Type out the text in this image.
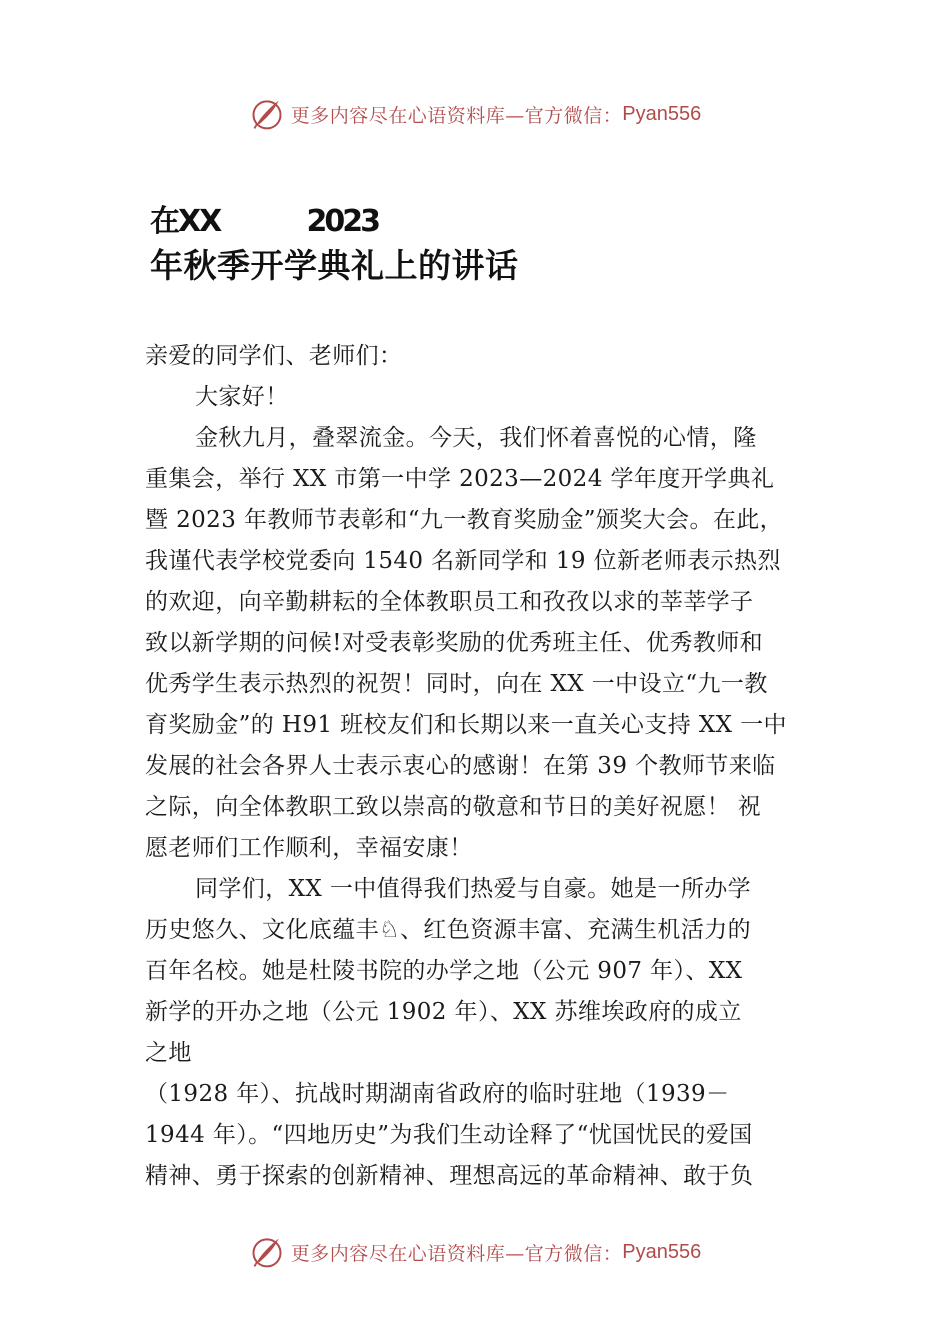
更多内容尽在心语资料库—官方微信： Pyan556
在XX	2023
年秋季开学典礼上的讲话
亲爱的同学们、老师们：
大家好！
金秋九月，叠翠流金。今天，我们怀着喜悦的心情，隆
重集会，举行 XX 市第一中学 2023—2024 学年度开学典礼
暨 2023 年教师节表彰和“九一教育奖励金”颁奖大会。在此，
我谨代表学校党委向 1540 名新同学和 19 位新老师表示热烈
的欢迎，向辛勤耕耘的全体教职员工和孜孜以求的莘莘学子
致以新学期的问候!对受表彰奖励的优秀班主任、优秀教师和
优秀学生表示热烈的祝贺！同时，向在 XX 一中设立“九一教
育奖励金”的 H91 班校友们和长期以来一直关心支持 XX 一中
发展的社会各界人士表示衷心的感谢！在第 39 个教师节来临
之际，向全体教职工致以崇高的敬意和节日的美好祝愿！ 祝
愿老师们工作顺利，幸福安康！
同学们，XX 一中值得我们热爱与自豪。她是一所办学
历史悠久、文化底蕴丰♘、红色资源丰富、充满生机活力的
百年名校。她是杜陵书院的办学之地（公元 907 年）、XX
新学的开办之地（公元 1902 年）、XX 苏维埃政府的成立
之地
（1928 年）、抗战时期湖南省政府的临时驻地（1939－
1944 年）。“四地历史”为我们生动诠释了“忧国忧民的爱国
精神、勇于探索的创新精神、理想高远的革命精神、敢于负
更多内容尽在心语资料库—官方微信： Pyan556
